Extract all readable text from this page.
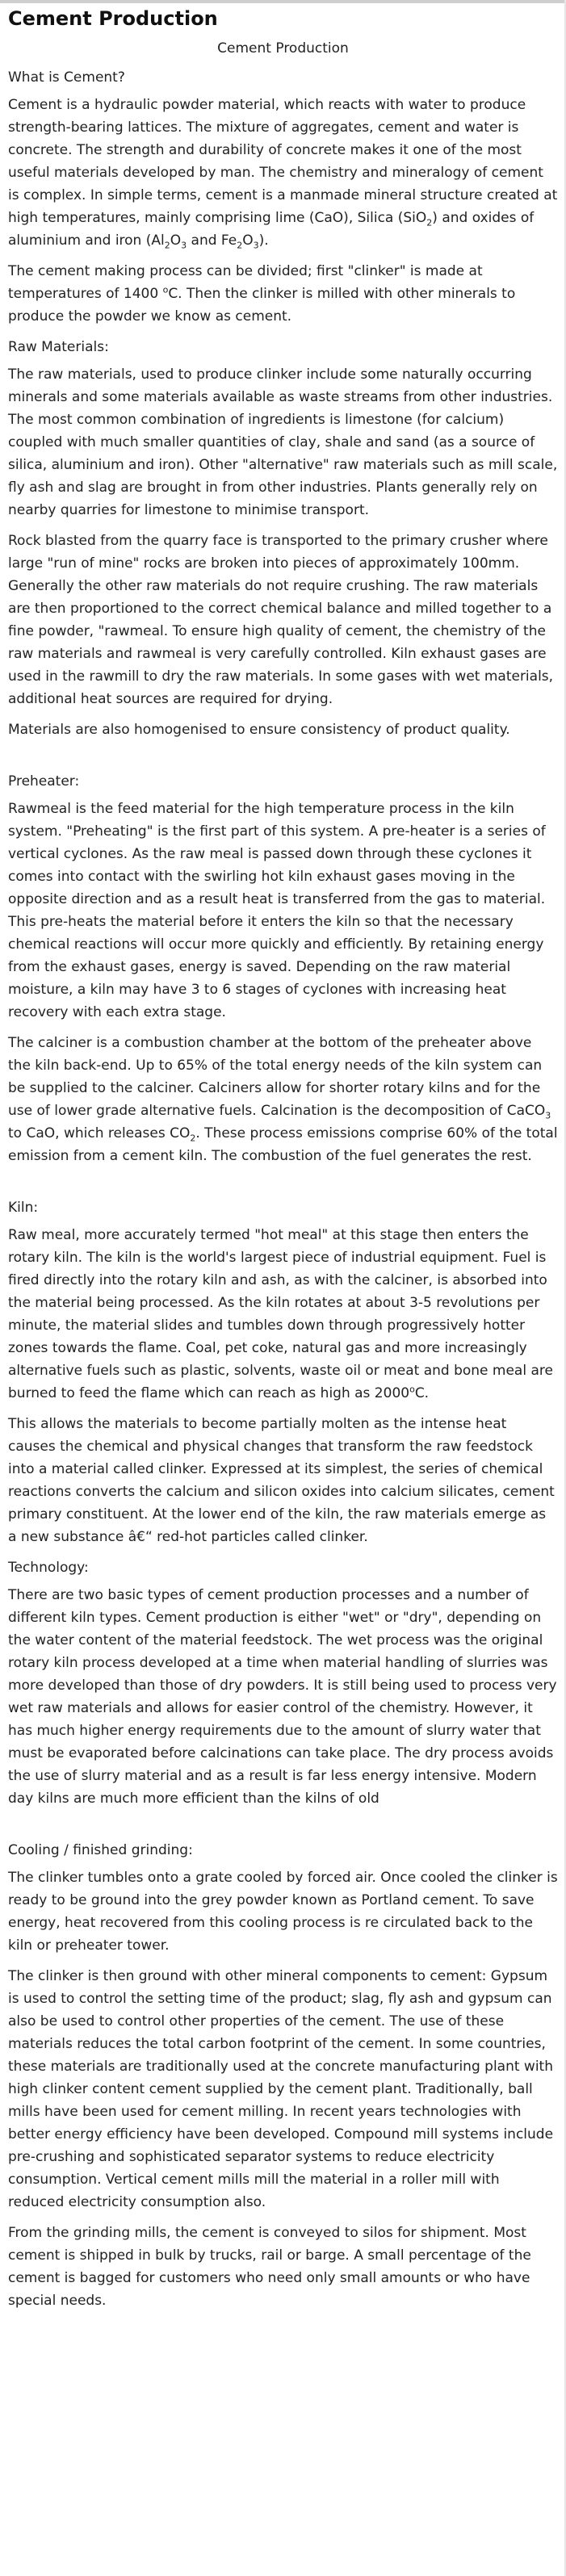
Cement Production
Cement Production
What is Cement?

Cement is a hydraulic powder material, which reacts with water to produce strength-bearing lattices. The mixture of aggregates, cement and water is concrete. The strength and durability of concrete makes it one of the most useful materials developed by man. The chemistry and mineralogy of cement is complex. In simple terms, cement is a manmade mineral structure created at high temperatures, mainly comprising lime (CaO), Silica (SiO$_2$) and oxides of aluminium and iron ($Al_2O_3$ and $Fe_2O_3$).

The cement making process can be divided; first "clinker" is made at temperatures of 1400 $^o$C. Then the clinker is milled with other minerals to produce the powder we know as cement.

Raw Materials:

The raw materials, used to produce clinker include some naturally occurring minerals and some materials available as waste streams from other industries. The most common combination of ingredients is limestone (for calcium) coupled with much smaller quantities of clay, shale and sand (as a source of silica, aluminium and iron). Other "alternative" raw materials such as mill scale, fly ash and slag are brought in from other industries. Plants generally rely on nearby quarries for limestone to minimise transport.

Rock blasted from the quarry face is transported to the primary crusher where large "run of mine" rocks are broken into pieces of approximately 100mm. Generally the other raw materials do not require crushing. The raw materials are then proportioned to the correct chemical balance and milled together to a fine powder, "rawmeal. To ensure high quality of cement, the chemistry of the raw materials and rawmeal is very carefully controlled. Kiln exhaust gases are used in the rawmill to dry the raw materials. In some gases with wet materials, additional heat sources are required for drying.

Materials are also homogenised to ensure consistency of product quality.

Preheater:

Rawmeal is the feed material for the high temperature process in the kiln system. "Preheating" is the first part of this system. A pre-heater is a series of vertical cyclones. As the raw meal is passed down through these cyclones it comes into contact with the swirling hot kiln exhaust gases moving in the opposite direction and as a result heat is transferred from the gas to material. This pre-heats the material before it enters the kiln so that the necessary chemical reactions will occur more quickly and efficiently. By retaining energy from the exhaust gases, energy is saved. Depending on the raw material moisture, a kiln may have 3 to 6 stages of cyclones with increasing heat recovery with each extra stage.

The calciner is a combustion chamber at the bottom of the preheater above the kiln back-end. Up to 65% of the total energy needs of the kiln system can be supplied to the calciner. Calciners allow for shorter rotary kilns and for the use of lower grade alternative fuels. Calcination is the decomposition of CaCO$_3$ to CaO, which releases $CO_2$. These process emissions comprise 60% of the total emission from a cement kiln. The combustion of the fuel generates the rest.

Kiln:

Raw meal, more accurately termed "hot meal" at this stage then enters the rotary kiln. The kiln is the world's largest piece of industrial equipment. Fuel is fired directly into the rotary kiln and ash, as with the calciner, is absorbed into the material being processed. As the kiln rotates at about 3-5 revolutions per minute, the material slides and tumbles down through progressively hotter zones towards the flame. Coal, pet coke, natural gas and more increasingly alternative fuels such as plastic, solvents, waste oil or meat and bone meal are burned to feed the flame which can reach as high as 2000$^o$C.

This allows the materials to become partially molten as the intense heat causes the chemical and physical changes that transform the raw feedstock into a material called clinker. Expressed at its simplest, the series of chemical reactions converts the calcium and silicon oxides into calcium silicates, cement primary constituent. At the lower end of the kiln, the raw materials emerge as a new substance â€“ red-hot particles called clinker.

Technology:

There are two basic types of cement production processes and a number of different kiln types. Cement production is either "wet" or "dry", depending on the water content of the material feedstock. The wet process was the original rotary kiln process developed at a time when material handling of slurries was more developed than those of dry powders. It is still being used to process very wet raw materials and allows for easier control of the chemistry. However, it has much higher energy requirements due to the amount of slurry water that must be evaporated before calcinations can take place. The dry process avoids the use of slurry material and as a result is far less energy intensive. Modern day kilns are much more efficient than the kilns of old

Cooling / finished grinding:

The clinker tumbles onto a grate cooled by forced air. Once cooled the clinker is ready to be ground into the grey powder known as Portland cement. To save energy, heat recovered from this cooling process is re circulated back to the kiln or preheater tower.

The clinker is then ground with other mineral components to cement: Gypsum is used to control the setting time of the product; slag, fly ash and gypsum can also be used to control other properties of the cement. The use of these materials reduces the total carbon footprint of the cement. In some countries, these materials are traditionally used at the concrete manufacturing plant with high clinker content cement supplied by the cement plant. Traditionally, ball mills have been used for cement milling. In recent years technologies with better energy efficiency have been developed. Compound mill systems include pre-crushing and sophisticated separator systems to reduce electricity consumption. Vertical cement mills mill the material in a roller mill with reduced electricity consumption also.

From the grinding mills, the cement is conveyed to silos for shipment. Most cement is shipped in bulk by trucks, rail or barge. A small percentage of the cement is bagged for customers who need only small amounts or who have special needs.
